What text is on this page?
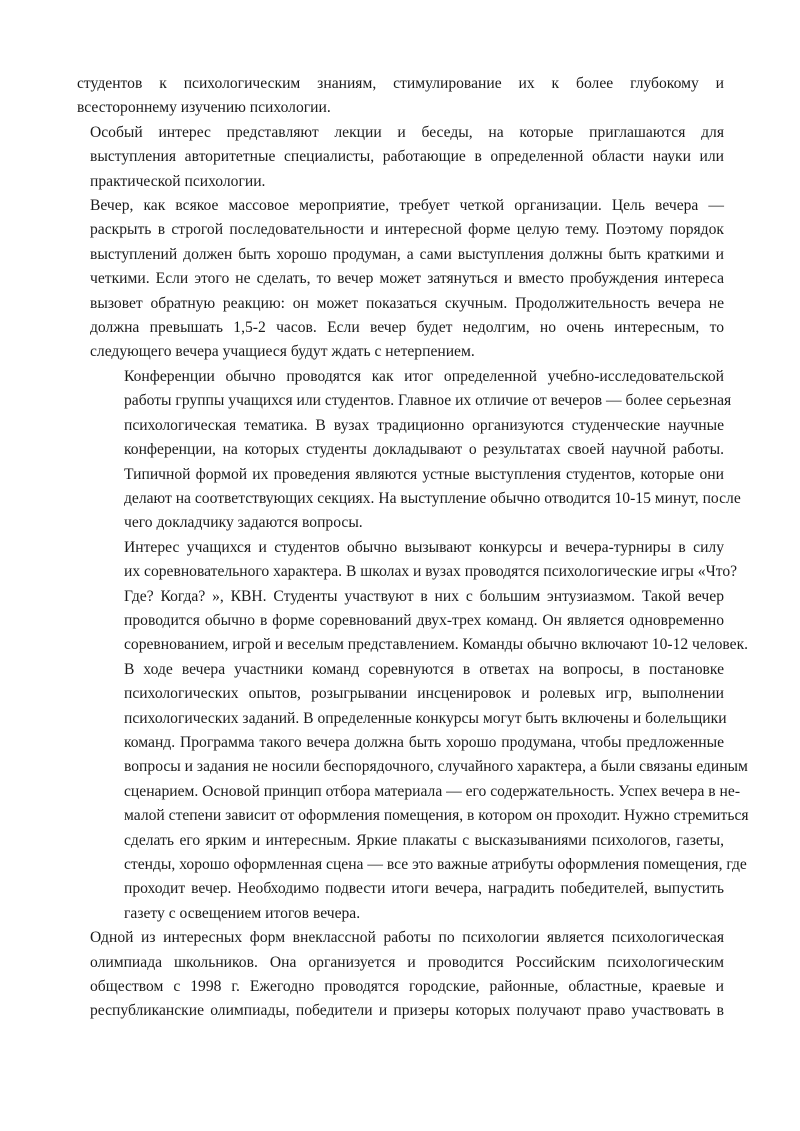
студентов к психологическим знаниям, стимулирование их к более глубокому и
всестороннему изучению психологии.

Особый интерес представляют лекции и беседы, на которые приглашаются для
выступления авторитетные специалисты, работающие в определенной области науки или
практической психологии.

Вечер, как всякое массовое мероприятие, требует четкой организации. Цель вечера —
раскрыть в строгой последовательности и интересной форме целую тему. Поэтому порядок
выступлений должен быть хорошо продуман, а сами выступления должны быть краткими и
четкими. Если этого не сделать, то вечер может затянуться и вместо пробуждения интереса
вызовет обратную реакцию: он может показаться скучным. Продолжительность вечера не
должна превышать 1,5-2 часов. Если вечер будет недолгим, но очень интересным, то
следующего вечера учащиеся будут ждать с нетерпением.

Конференции обычно проводятся как итог определенной учебно-исследовательской
работы группы учащихся или студентов. Главное их отличие от вечеров — более серьезная
психологическая тематика. В вузах традиционно организуются студенческие научные
конференции, на которых студенты докладывают о результатах своей научной работы.
Типичной формой их проведения являются устные выступления студентов, которые они
делают на соответствующих секциях. На выступление обычно отводится 10-15 минут, после
чего докладчику задаются вопросы.

Интерес учащихся и студентов обычно вызывают конкурсы и вечера-турниры в силу
их соревновательного характера. В школах и вузах проводятся психологические игры «Что?
Где? Когда? », КВН. Студенты участвуют в них с большим энтузиазмом. Такой вечер
проводится обычно в форме соревнований двух-трех команд. Он является одновременно
соревнованием, игрой и веселым представлением. Команды обычно включают 10-12 человек.
В ходе вечера участники команд соревнуются в ответах на вопросы, в постановке
психологических опытов, розыгрывании инсценировок и ролевых игр, выполнении
психологических заданий. В определенные конкурсы могут быть включены и болельщики
команд. Программа такого вечера должна быть хорошо продумана, чтобы предложенные
вопросы и задания не носили беспорядочного, случайного характера, а были связаны единым
сценарием. Основой принцип отбора материала — его содержательность. Успех вечера в не-
малой степени зависит от оформления помещения, в котором он проходит. Нужно стремиться
сделать его ярким и интересным. Яркие плакаты с высказываниями психологов, газеты,
стенды, хорошо оформленная сцена — все это важные атрибуты оформления помещения, где
проходит вечер. Необходимо подвести итоги вечера, наградить победителей, выпустить
газету с освещением итогов вечера.

Одной из интересных форм внеклассной работы по психологии является психологическая
олимпиада школьников. Она организуется и проводится Российским психологическим
обществом с 1998 г. Ежегодно проводятся городские, районные, областные, краевые и
республиканские олимпиады, победители и призеры которых получают право участвовать в
